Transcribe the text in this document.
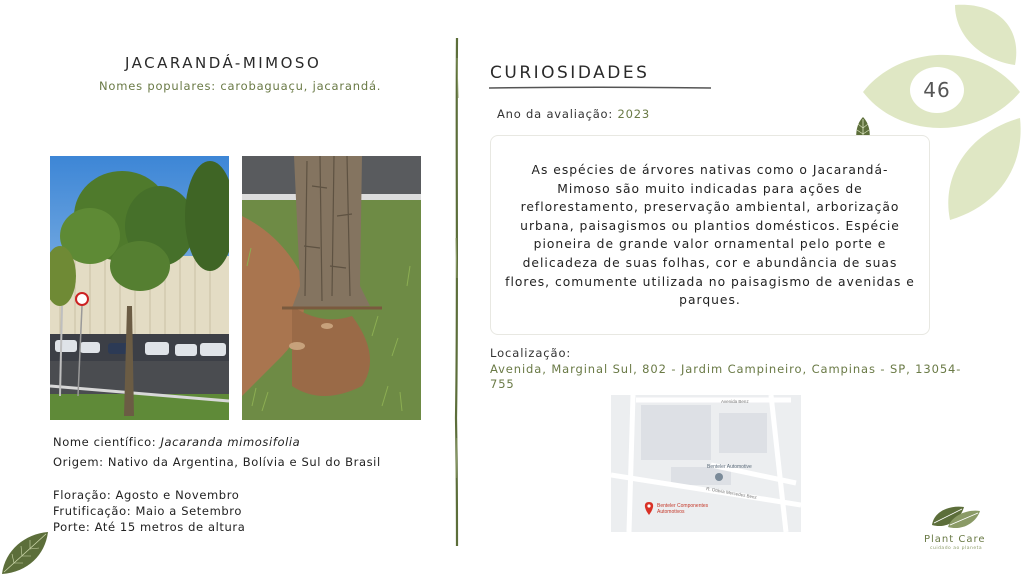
46
JACARANDÁ-MIMOSO
Nomes populares: carobaguaçu, jacarandá.
Nome científico: Jacaranda mimosifolia
Origem: Nativo da Argentina, Bolívia e Sul do Brasil
Floração: Agosto e Novembro
Frutificação: Maio a Setembro
Porte: Até 15 metros de altura
CURIOSIDADES
Ano da avaliação: 2023
As espécies de árvores nativas como o Jacarandá-Mimoso são muito indicadas para ações de reflorestamento, preservação ambiental, arborização urbana, paisagismos ou plantios domésticos. Espécie pioneira de grande valor ornamental pelo porte e delicadeza de suas folhas, cor e abundância de suas flores, comumente utilizada no paisagismo de avenidas e parques.
Localização:
Avenida, Marginal Sul, 802 - Jardim Campineiro, Campinas - SP, 13054-755
Avenida Benz
R. Otávia Mercedes Benz
Benteler Automotive
Benteler Componentes
Automotivos
Plant Care
cuidado ao planeta
